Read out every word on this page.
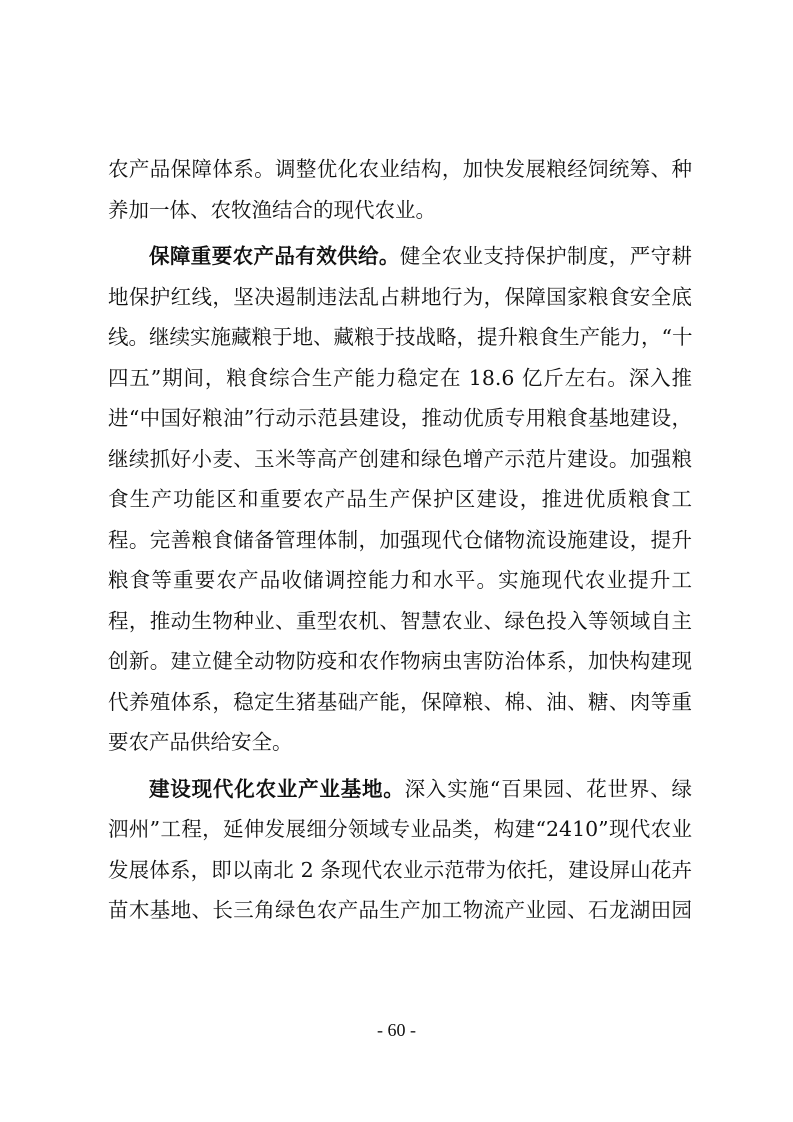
农产品保障体系。调整优化农业结构，加快发展粮经饲统筹、种
养加一体、农牧渔结合的现代农业。
保障重要农产品有效供给。健全农业支持保护制度，严守耕
地保护红线，坚决遏制违法乱占耕地行为，保障国家粮食安全底
线。继续实施藏粮于地、藏粮于技战略，提升粮食生产能力，“十
四五”期间，粮食综合生产能力稳定在 18.6 亿斤左右。深入推
进“中国好粮油”行动示范县建设，推动优质专用粮食基地建设，
继续抓好小麦、玉米等高产创建和绿色增产示范片建设。加强粮
食生产功能区和重要农产品生产保护区建设，推进优质粮食工
程。完善粮食储备管理体制，加强现代仓储物流设施建设，提升
粮食等重要农产品收储调控能力和水平。实施现代农业提升工
程，推动生物种业、重型农机、智慧农业、绿色投入等领域自主
创新。建立健全动物防疫和农作物病虫害防治体系，加快构建现
代养殖体系，稳定生猪基础产能，保障粮、棉、油、糖、肉等重
要农产品供给安全。
建设现代化农业产业基地。深入实施“百果园、花世界、绿
泗州”工程，延伸发展细分领域专业品类，构建“2410”现代农业
发展体系，即以南北 2 条现代农业示范带为依托，建设屏山花卉
苗木基地、长三角绿色农产品生产加工物流产业园、石龙湖田园
- 60 -
